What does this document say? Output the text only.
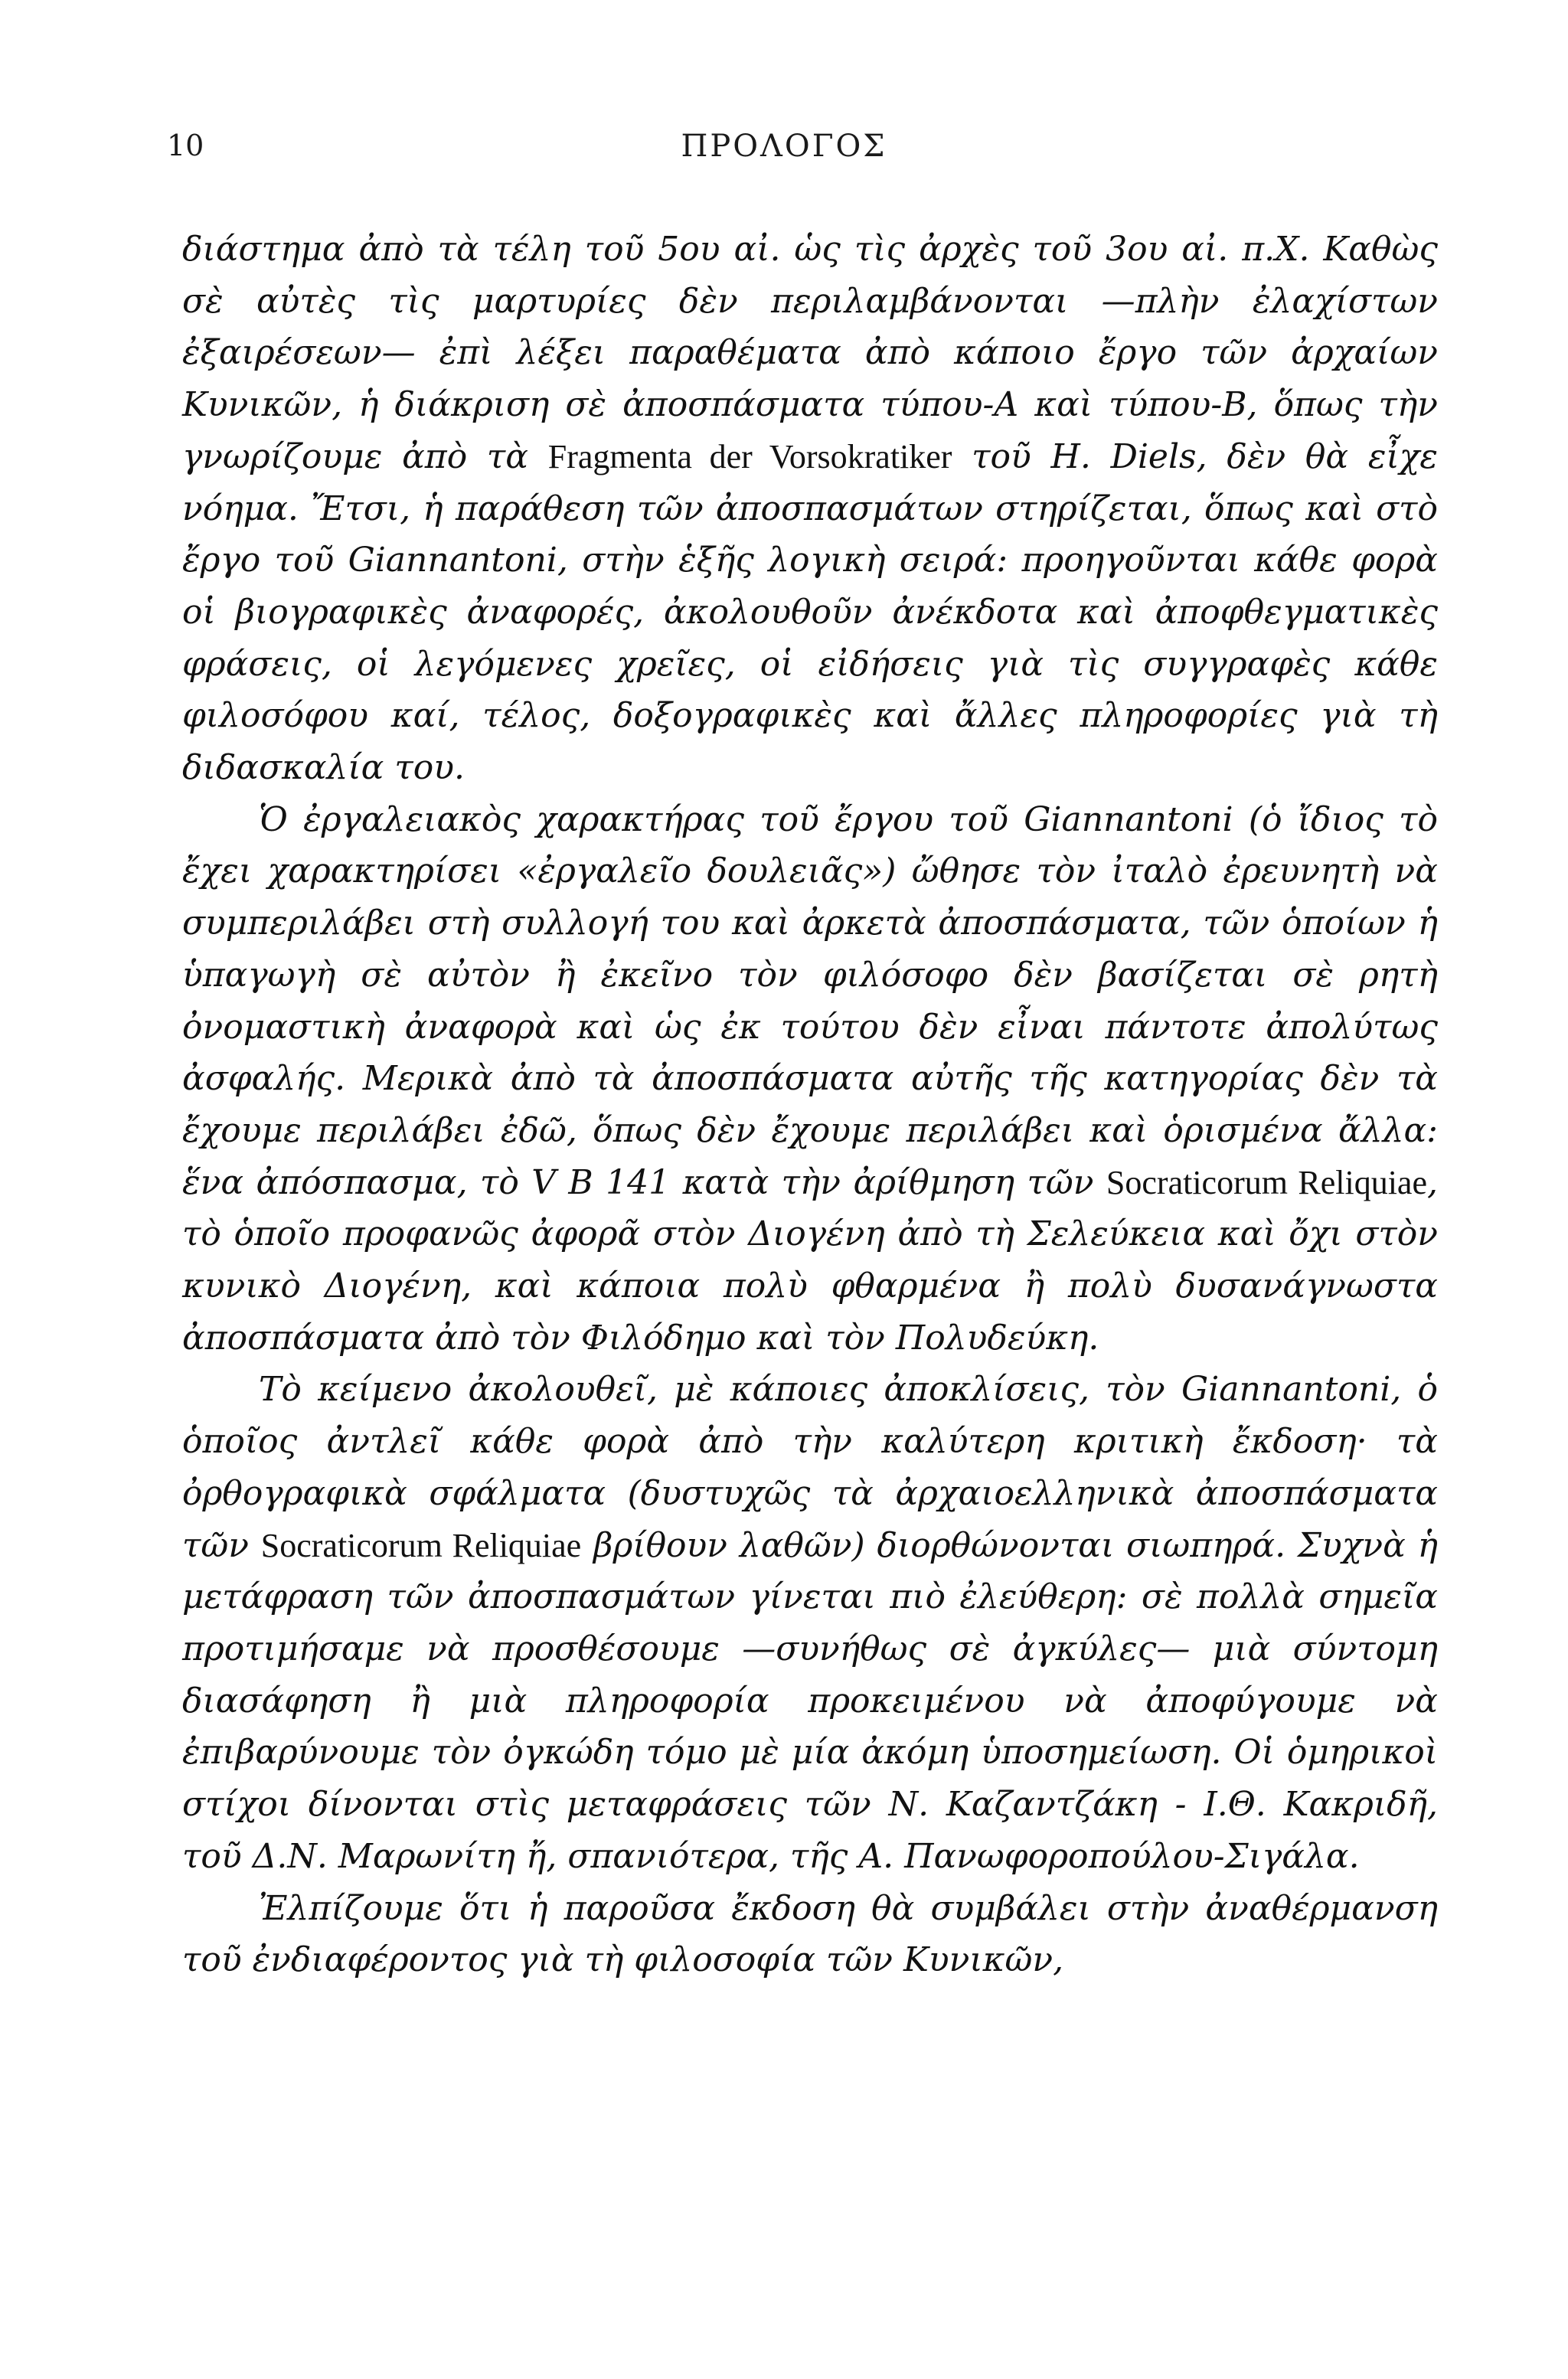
10	ΠΡΟΛΟΓΟΣ

διάστημα ἀπὸ τὰ τέλη τοῦ 5ου αἰ. ὡς τὶς ἀρχὲς τοῦ 3ου αἰ. π.Χ. Καθὼς σὲ αὐτὲς τὶς μαρτυρίες δὲν περιλαμβάνονται —πλὴν ἐλαχίστων ἐξαιρέσεων— ἐπὶ λέξει παραθέματα ἀπὸ κάποιο ἔργο τῶν ἀρχαίων Κυνικῶν, ἡ διάκριση σὲ ἀποσπάσματα τύπου-Α καὶ τύπου-Β, ὅπως τὴν γνωρίζουμε ἀπὸ τὰ Fragmenta der Vorsokratiker τοῦ Η. Diels, δὲν θὰ εἶχε νόημα. Ἔτσι, ἡ παράθεση τῶν ἀποσπασμάτων στηρίζεται, ὅπως καὶ στὸ ἔργο τοῦ Giannantoni, στὴν ἑξῆς λογικὴ σειρά: προηγοῦνται κάθε φορὰ οἱ βιογραφικὲς ἀναφορές, ἀκολουθοῦν ἀνέκδοτα καὶ ἀποφθεγματικὲς φράσεις, οἱ λεγόμενες χρεῖες, οἱ εἰδήσεις γιὰ τὶς συγγραφὲς κάθε φιλοσόφου καί, τέλος, δοξογραφικὲς καὶ ἄλλες πληροφορίες γιὰ τὴ διδασκαλία του.

Ὁ ἐργαλειακὸς χαρακτήρας τοῦ ἔργου τοῦ Giannantoni (ὁ ἴδιος τὸ ἔχει χαρακτηρίσει «ἐργαλεῖο δουλειᾶς») ὤθησε τὸν ἰταλὸ ἐρευνητὴ νὰ συμπεριλάβει στὴ συλλογή του καὶ ἀρκετὰ ἀποσπάσματα, τῶν ὁποίων ἡ ὑπαγωγὴ σὲ αὐτὸν ἢ ἐκεῖνο τὸν φιλόσοφο δὲν βασίζεται σὲ ρητὴ ὀνομαστικὴ ἀναφορὰ καὶ ὡς ἐκ τούτου δὲν εἶναι πάντοτε ἀπολύτως ἀσφαλής. Μερικὰ ἀπὸ τὰ ἀποσπάσματα αὐτῆς τῆς κατηγορίας δὲν τὰ ἔχουμε περιλάβει ἐδῶ, ὅπως δὲν ἔχουμε περιλάβει καὶ ὁρισμένα ἄλλα: ἕνα ἀπόσπασμα, τὸ V B 141 κατὰ τὴν ἀρίθμηση τῶν Socraticorum Reliquiae, τὸ ὁποῖο προφανῶς ἀφορᾶ στὸν Διογένη ἀπὸ τὴ Σελεύκεια καὶ ὄχι στὸν κυνικὸ Διογένη, καὶ κάποια πολὺ φθαρμένα ἢ πολὺ δυσανάγνωστα ἀποσπάσματα ἀπὸ τὸν Φιλόδημο καὶ τὸν Πολυδεύκη.

Τὸ κείμενο ἀκολουθεῖ, μὲ κάποιες ἀποκλίσεις, τὸν Giannantoni, ὁ ὁποῖος ἀντλεῖ κάθε φορὰ ἀπὸ τὴν καλύτερη κριτικὴ ἔκδοση· τὰ ὀρθογραφικὰ σφάλματα (δυστυχῶς τὰ ἀρχαιοελληνικὰ ἀποσπάσματα τῶν Socraticorum Reliquiae βρίθουν λαθῶν) διορθώνονται σιωπηρά. Συχνὰ ἡ μετάφραση τῶν ἀποσπασμάτων γίνεται πιὸ ἐλεύθερη: σὲ πολλὰ σημεῖα προτιμήσαμε νὰ προσθέσουμε —συνήθως σὲ ἀγκύλες— μιὰ σύντομη διασάφηση ἢ μιὰ πληροφορία προκειμένου νὰ ἀποφύγουμε νὰ ἐπιβαρύνουμε τὸν ὀγκώδη τόμο μὲ μία ἀκόμη ὑποσημείωση. Οἱ ὁμηρικοὶ στίχοι δίνονται στὶς μεταφράσεις τῶν Ν. Καζαντζάκη - Ι.Θ. Κακριδῆ, τοῦ Δ.Ν. Μαρωνίτη ἤ, σπανιότερα, τῆς Α. Πανωφοροπούλου-Σιγάλα.

Ἐλπίζουμε ὅτι ἡ παροῦσα ἔκδοση θὰ συμβάλει στὴν ἀναθέρμανση τοῦ ἐνδιαφέροντος γιὰ τὴ φιλοσοφία τῶν Κυνικῶν,
